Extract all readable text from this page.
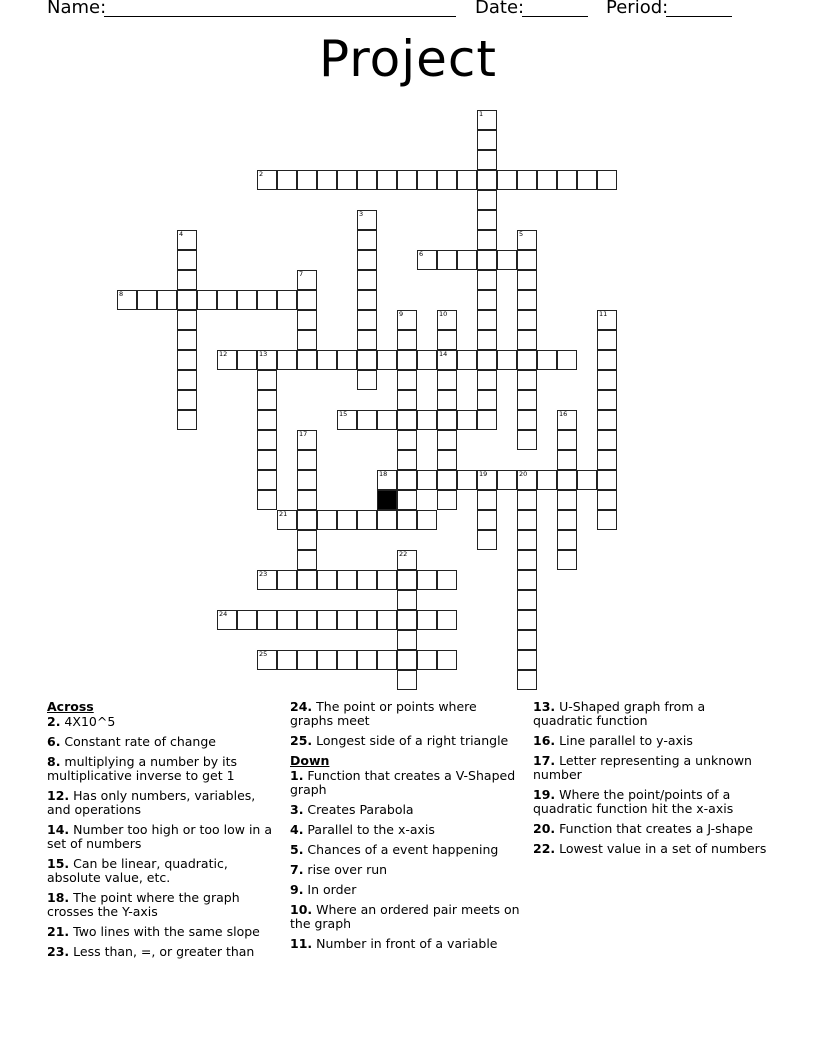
Name:	Date:	Period:
Project
1
2
3
4	5
6
7
8
9	10	11
12	13	14
15	16
17
18	19	20
21
22
23
24
25
Across
2. 4X10^5
6. Constant rate of change
8. multiplying a number by its multiplicative inverse to get 1
12. Has only numbers, variables, and operations
14. Number too high or too low in a set of numbers
15. Can be linear, quadratic, absolute value, etc.
18. The point where the graph crosses the Y-axis
21. Two lines with the same slope
23. Less than, =, or greater than
24. The point or points where graphs meet
25. Longest side of a right triangle
Down
1. Function that creates a V-Shaped graph
3. Creates Parabola
4. Parallel to the x-axis
5. Chances of a event happening
7. rise over run
9. In order
10. Where an ordered pair meets on the graph
11. Number in front of a variable
13. U-Shaped graph from a quadratic function
16. Line parallel to y-axis
17. Letter representing a unknown number
19. Where the point/points of a quadratic function hit the x-axis
20. Function that creates a J-shape
22. Lowest value in a set of numbers
